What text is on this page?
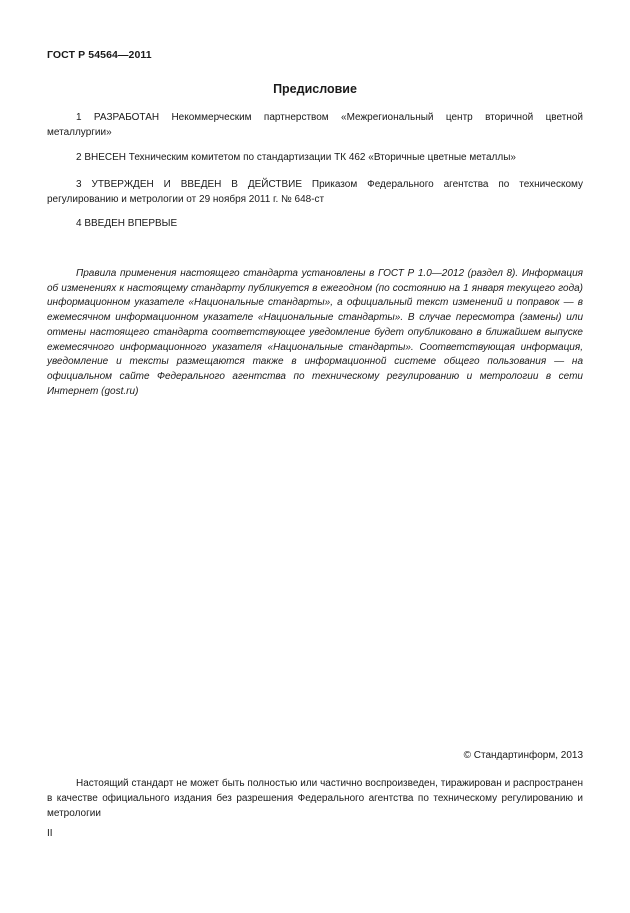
ГОСТ Р 54564—2011
Предисловие

1 РАЗРАБОТАН Некоммерческим партнерством «Межрегиональный центр вторичной цветной металлургии»

2 ВНЕСЕН Техническим комитетом по стандартизации ТК 462 «Вторичные цветные металлы»

3 УТВЕРЖДЕН И ВВЕДЕН В ДЕЙСТВИЕ Приказом Федерального агентства по техническому регулированию и метрологии от 29 ноября 2011 г. № 648-ст

4 ВВЕДЕН ВПЕРВЫЕ

Правила применения настоящего стандарта установлены в ГОСТ Р 1.0—2012 (раздел 8). Информация об изменениях к настоящему стандарту публикуется в ежегодном (по состоянию на 1 января текущего года) информационном указателе «Национальные стандарты», а официальный текст изменений и поправок — в ежемесячном информационном указателе «Национальные стандарты». В случае пересмотра (замены) или отмены настоящего стандарта соответствующее уведомление будет опубликовано в ближайшем выпуске ежемесячного информационного указателя «Национальные стандарты». Соответствующая информация, уведомление и тексты размещаются также в информационной системе общего пользования — на официальном сайте Федерального агентства по техническому регулированию и метрологии в сети Интернет (gost.ru)

© Стандартинформ, 2013

Настоящий стандарт не может быть полностью или частично воспроизведен, тиражирован и распространен в качестве официального издания без разрешения Федерального агентства по техническому регулированию и метрологии

II
